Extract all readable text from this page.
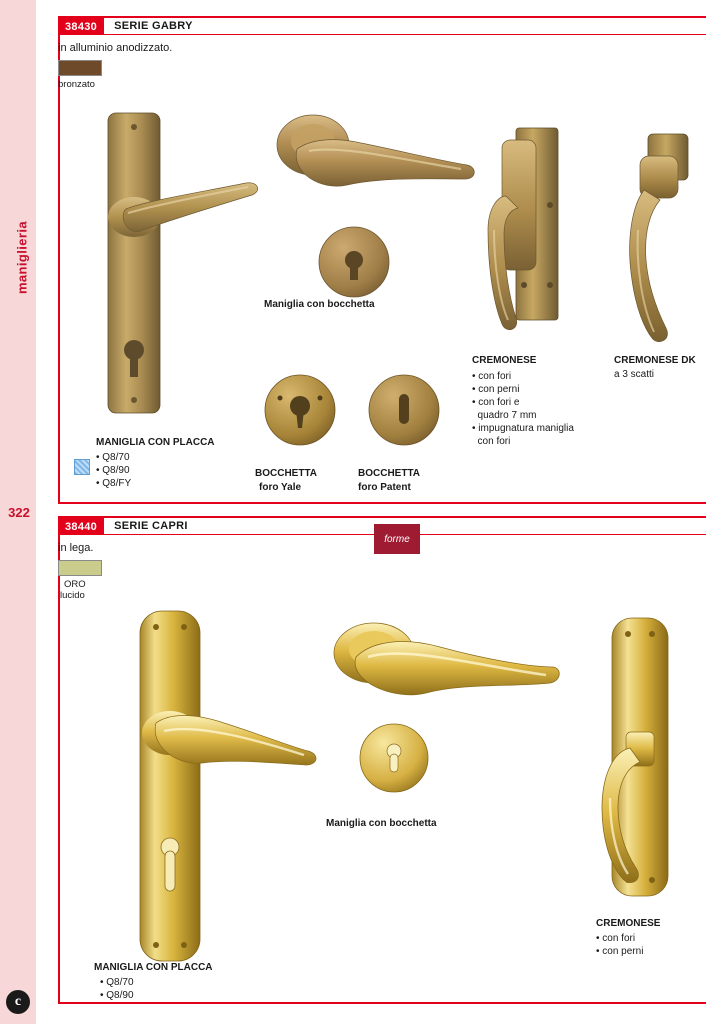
maniglieria
322
c
38430	SERIE GABRY
in alluminio anodizzato.
bronzato
MANIGLIA CON PLACCA
• Q8/70
• Q8/90
• Q8/FY
Maniglia con bocchetta
BOCCHETTA
foro Yale
BOCCHETTA
foro Patent
CREMONESE
• con fori
• con perni
• con fori e
quadro 7 mm
• impugnatura maniglia
con fori
CREMONESE DK
a 3 scatti
38440	SERIE CAPRI
in lega.
forme
ORO
lucido
MANIGLIA CON PLACCA
• Q8/70
• Q8/90
Maniglia con bocchetta
CREMONESE
• con fori
• con perni
